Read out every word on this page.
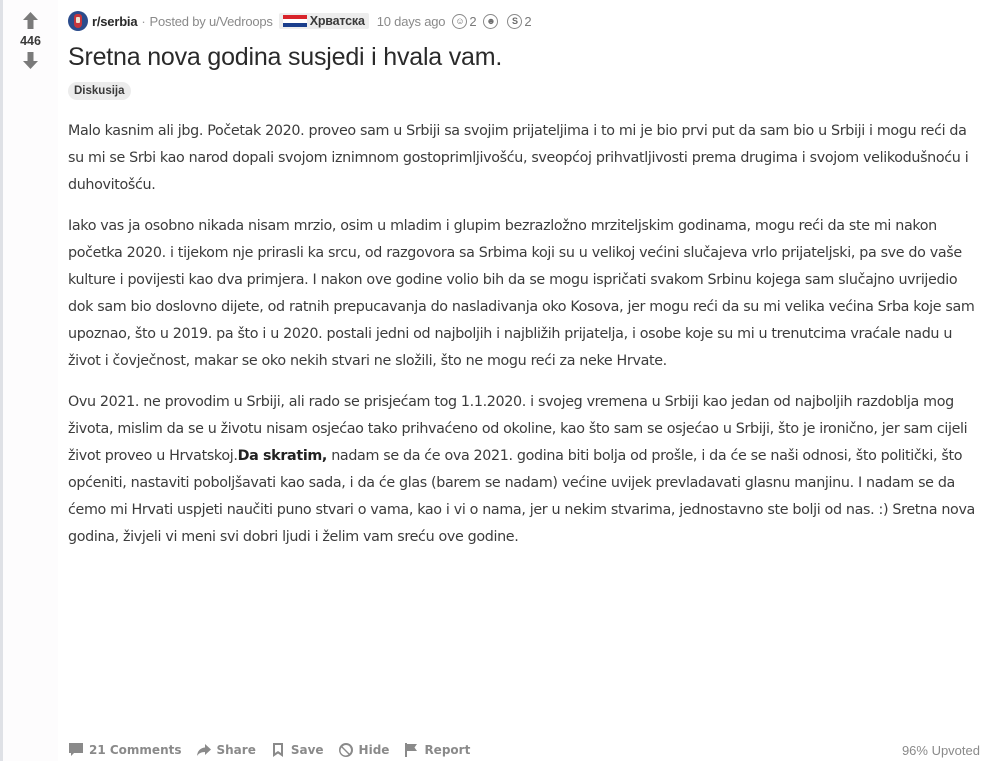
446
r/serbia · Posted by
u/Vedroops	Хрватска 10 days ago	☺ 2	☻	S 2
Sretna nova godina susjedi i hvala vam.
Diskusija

Malo kasnim ali jbg. Početak 2020. proveo sam u Srbiji sa svojim prijateljima i to mi je bio prvi put da sam bio u Srbiji i mogu reći da su mi se Srbi kao narod dopali svojom iznimnom gostoprimljivošću, sveopćoj prihvatljivosti prema drugima i svojom velikodušnoću i duhovitošću.

Iako vas ja osobno nikada nisam mrzio, osim u mladim i glupim bezrazložno mrziteljskim godinama, mogu reći da ste mi nakon početka 2020. i tijekom nje prirasli ka srcu, od razgovora sa Srbima koji su u velikoj većini slučajeva vrlo prijateljski, pa sve do vaše kulture i povijesti kao dva primjera. I nakon ove godine volio bih da se mogu ispričati svakom Srbinu kojega sam slučajno uvrijedio dok sam bio doslovno dijete, od ratnih prepucavanja do nasladivanja oko Kosova, jer mogu reći da su mi velika većina Srba koje sam upoznao, što u 2019. pa što i u 2020. postali jedni od najboljih i najbližih prijatelja, i osobe koje su mi u trenutcima vraćale nadu u život i čovječnost, makar se oko nekih stvari ne složili, što ne mogu reći za neke Hrvate.

Ovu 2021. ne provodim u Srbiji, ali rado se prisjećam tog 1.1.2020. i svojeg vremena u Srbiji kao jedan od najboljih razdoblja mog života, mislim da se u životu nisam osjećao tako prihvaćeno od okoline, kao što sam se osjećao u Srbiji, što je ironično, jer sam cijeli život proveo u Hrvatskoj.Da skratim, nadam se da će ova 2021. godina biti bolja od prošle, i da će se naši odnosi, što politički, što općeniti, nastaviti poboljšavati kao sada, i da će glas (barem se nadam) većine uvijek prevladavati glasnu manjinu. I nadam se da ćemo mi Hrvati uspjeti naučiti puno stvari o vama, kao i vi o nama, jer u nekim stvarima, jednostavno ste bolji od nas. :) Sretna nova godina, živjeli vi meni svi dobri ljudi i želim vam sreću ove godine.

21 Comments	Share	Save	Hide	Report	96% Upvoted
